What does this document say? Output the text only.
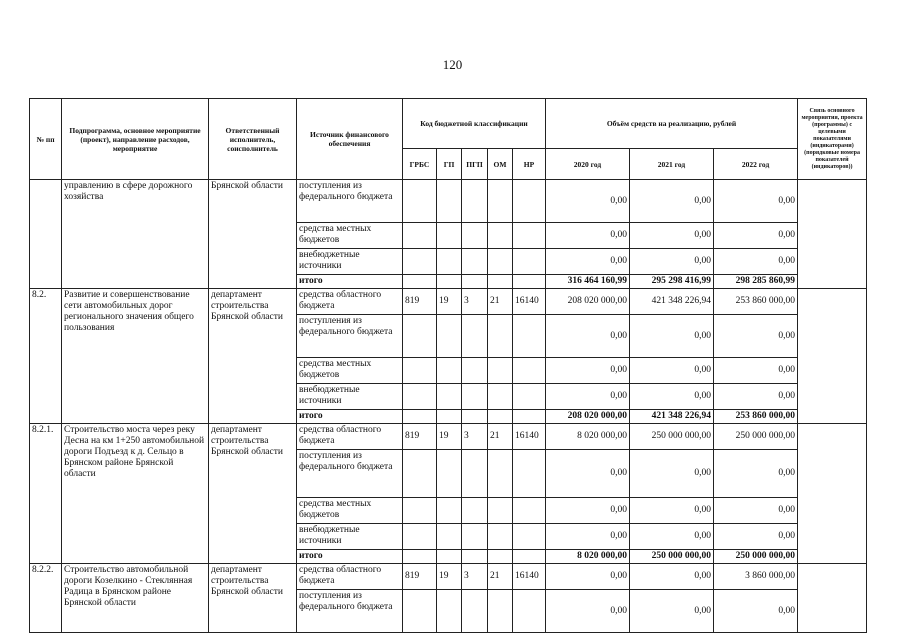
120
№ пп	Подпрограмма, основное мероприятие (проект), направление расходов, мероприятие	Ответственный исполнитель, соисполнитель	Источник финансового обеспечения	Код бюджетной классификации					Объём средств на реализацию, рублей			Связь основного мероприятия, проекта (программы) с целевыми показателями (индикаторами) (порядковые номера показателей (индикаторов))
				ГРБС	ГП	ПГП	ОМ	НР	2020 год	2021 год	2022 год	
	управлению в сфере дорожного хозяйства	Брянской области	поступления из федерального бюджета						0,00	0,00	0,00	
			средства местных бюджетов						0,00	0,00	0,00	
			внебюджетные источники						0,00	0,00	0,00	
			итого						316 464 160,99	295 298 416,99	298 285 860,99	
8.2.	Развитие и совершенствование сети автомобильных дорог регионального значения общего пользования	департамент строительства Брянской области	средства областного бюджета	819	19	3	21	16140	208 020 000,00	421 348 226,94	253 860 000,00	
			поступления из федерального бюджета						0,00	0,00	0,00	
			средства местных бюджетов						0,00	0,00	0,00	
			внебюджетные источники						0,00	0,00	0,00	
			итого						208 020 000,00	421 348 226,94	253 860 000,00	
8.2.1.	Строительство моста через реку Десна на км 1+250 автомобильной дороги Подъезд к д. Сельцо в Брянском районе Брянской области	департамент строительства Брянской области	средства областного бюджета	819	19	3	21	16140	8 020 000,00	250 000 000,00	250 000 000,00	
			поступления из федерального бюджета						0,00	0,00	0,00	
			средства местных бюджетов						0,00	0,00	0,00	
			внебюджетные источники						0,00	0,00	0,00	
			итого						8 020 000,00	250 000 000,00	250 000 000,00	
8.2.2.	Строительство автомобильной дороги Козелкино - Стеклянная Радица в Брянском районе Брянской области	департамент строительства Брянской области	средства областного бюджета	819	19	3	21	16140	0,00	0,00	3 860 000,00	
			поступления из федерального бюджета						0,00	0,00	0,00	
